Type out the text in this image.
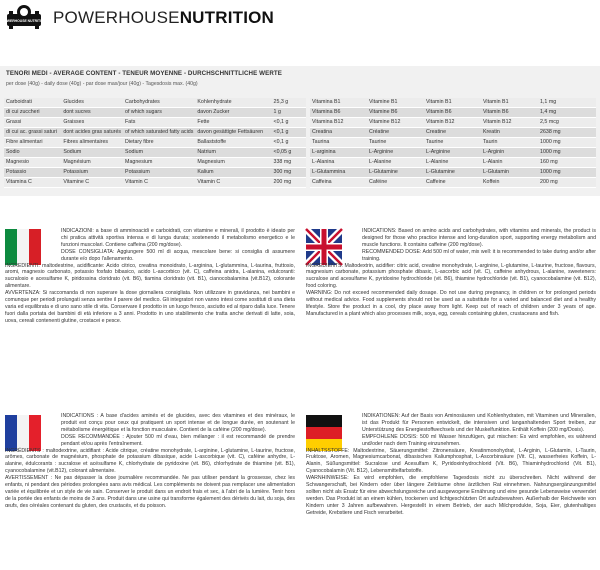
POWERHOUSE NUTRITION POWERHOUSENUTRITION
TENORI MEDI - AVERAGE CONTENT - TENEUR MOYENNE - DURCHSCHNITTLICHE WERTE
per dose (40g) - daily dose (40g) - par dose max/jour (40g) - Tagesdosis max. (40g)
Carboidrati	Glucides	Carbohydrates	Kohlenhydrate	25,3 g
di cui zuccheri	dont sucres	of which sugars	davon Zucker	1 g
Grassi	Graisses	Fats	Fette	<0,1 g
di cui ac. grassi saturi	dont acides gras saturés	of which saturated fatty acids	davon gesättigte Fettsäuren	<0,1 g
Fibre alimentari	Fibres alimentaires	Dietary fibre	Ballaststoffe	<0,1 g
Sodio	Sodium	Sodium	Natrium	<0,05 g
Magnesio	Magnésium	Magnesium	Magnesium	338 mg
Potassio	Potassium	Potassium	Kalium	300 mg
Vitamina C	Vitamine C	Vitamin C	Vitamin C	200 mg
Vitamina B1	Vitamine B1	Vitamin B1	Vitamin B1	1,1 mg
Vitamina B6	Vitamine B6	Vitamin B6	Vitamin B6	1,4 mg
Vitamina B12	Vitamine B12	Vitamin B12	Vitamin B12	2,5 mcg
Creatina	Créatine	Creatine	Kreatin	2638 mg
Taurina	Taurine	Taurine	Taurin	1000 mg
L-arginina	L-Arginine	L-Arginine	L-Arginin	1000 mg
L-Alanina	L-Alanine	L-Alanine	L-Alanin	160 mg
L-Glutammina	L-Glutamine	L-Glutamine	L-Glutamin	1000 mg
Caffeina	Caféine	Caffeine	Koffein	200 mg

INDICAZIONI: a base di amminoacidi e carboidrati, con vitamine e minerali, il prodotto è ideato per chi pratica attività sportiva intensa e di lunga durata; sostenendo il metabolismo energetico e le funzioni muscolari. Contiene caffeina (200 mg/dose).

DOSE CONSIGLIATA: Aggiungere 500 ml di acqua, mescolare bene: si consiglia di assumere durante e/o dopo l'allenamento.

INGREDIENTI: maltodestrine, acidificante: Acido citrico, creatina monoidrato, L-arginina, L-glutammina, L-taurina, fruttosio, aromi, magnesio carbonato, potassio fosfato bibasico, acido L-ascorbico (vit. C), caffeina anidra, L-alanina, edulcoranti: sucralosio e acesulfame K, piridossina cloridrato (vit. B6), tiamina cloridrato (vit. B1), cianocobalamina (vit.B12), colorante alimentare.

AVVERTENZA: Si raccomanda di non superare la dose giornaliera consigliata. Non utilizzare in gravidanza, nei bambini e comunque per periodi prolungati senza sentire il parere del medico. Gli integratori non vanno intesi come sostituti di una dieta varia ed equilibrata e di uno sano stile di vita. Conservare il prodotto in un luogo fresco, asciutto ed al riparo dalla luce. Tenere fuori dalla portata dei bambini di età inferiore a 3 anni. Prodotto in uno stabilimento che tratta anche derivati di latte, soia, uova, cereali contenenti glutine, crostacei e pesce.

INDICATIONS: Based on amino acids and carbohydrates, with vitamins and minerals, the product is designed for those who practice intense and long-duration sport, supporting energy metabolism and muscle functions. It contains caffeine (200 mg/dose).

RECOMMENDED DOSE: Add 500 ml of water, mix well: it is recommended to take during and/or after training.

INGREDIENTS: Maltodextrin, acidifier: citric acid, creatine monohydrate, L-arginine, L-glutamine, L-taurine, fructose, flavours, magnesium carbonate, potassium phosphate dibasic, L-ascorbic acid (vit. C), caffeine anhydrous, L-alanine, sweeteners: sucralose and acesulfame K, pyridoxine hydrochloride (vit. B6), thiamine hydrochloride (vit. B1), cyanocobalamine (vit. B12), food coloring.

WARNING: Do not exceed recommended daily dosage. Do not use during pregnancy, in children or for prolonged periods without medical advice. Food supplements should not be used as a substitute for a varied and balanced diet and a healthy lifestyle. Store the product in a cool, dry place away from light. Keep out of reach of children under 3 years of age. Manufactured in a plant which also processes milk, soya, egg, cereals containing gluten, crustaceans and fish.

INDICATIONS : A base d'acides aminés et de glucides, avec des vitamines et des minéraux, le produit est conçu pour ceux qui pratiquent un sport intense et de longue durée, en soutenant le métabolisme énergétique et la fonction musculaire. Contient de la caféine (200 mg/dose).

DOSE RECOMMANDÉE : Ajouter 500 ml d'eau, bien mélanger : il est recommandé de prendre pendant et/ou après l'entraînement.

INGRÉDIENTS : maltodextrine, acidifiant : Acide citrique, créatine monohydrate, L-arginine, L-glutamine, L-taurine, fructose, arômes, carbonate de magnésium, phosphate de potassium dibasique, acide L-ascorbique (vit. C), caféine anhydre, L-alanine, édulcorants : sucralose et acésulfame K, chlorhydrate de pyridoxine (vit. B6), chlorhydrate de thiamine (vit. B1), cyanocobalamine (vit.B12), colorant alimentaire.

AVERTISSEMENT : Ne pas dépasser la dose journalière recommandée. Ne pas utiliser pendant la grossesse, chez les enfants, ni pendant des périodes prolongées sans avis médical. Les compléments ne doivent pas remplacer une alimentation variée et équilibrée et un style de vie sain. Conserver le produit dans un endroit frais et sec, à l'abri de la lumière. Tenir hors de la portée des enfants de moins de 3 ans. Produit dans une usine qui transforme également des dérivés du lait, du soja, des œufs, des céréales contenant du gluten, des crustacés, et du poisson.

INDIKATIONEN: Auf der Basis von Aminosäuren und Kohlenhydraten, mit Vitaminen und Mineralien, ist das Produkt für Personen entwickelt, die intensiven und langanhaltenden Sport treiben, zur Unterstützung des Energiestoffwechsels und der Muskelfunktion. Enthält Koffein (200 mg/Dosis).

EMPFOHLENE DOSIS: 500 ml Wasser hinzufügen, gut mischen: Es wird empfohlen, es während und/oder nach dem Training einzunehmen.

INHALTSSTOFFE: Maltodextrine, Säuerungsmittel: Zitronensäure, Kreatinmonohydrat, L-Arginin, L-Glutamin, L-Taurin, Fruktose, Aromen, Magnesiumcarbonat, dibasisches Kaliumphosphat, L-Ascorbinsäure (Vit. C), wasserfreies Koffein, L-Alanin, Süßungsmittel: Sucralose und Acesulfam K, Pyridoxinhydrochlorid (Vit. B6), Thiaminhydrochlorid (Vit. B1), Cyanocobalamin (Vit. B12), Lebensmittelfarbstoffe.

WARNHINWEISE: Es wird empfohlen, die empfohlene Tagesdosis nicht zu überschreiten. Nicht während der Schwangerschaft, bei Kindern oder über längere Zeiträume ohne ärztlichen Rat einnehmen. Nahrungsergänzungsmittel sollten nicht als Ersatz für eine abwechslungsreiche und ausgewogene Ernährung und eine gesunde Lebensweise verwendet werden. Das Produkt ist an einem kühlen, trockenen und lichtgeschützten Ort aufzubewahren. Außerhalb der Reichweite von Kindern unter 3 Jahren aufbewahren. Hergestellt in einem Betrieb, der auch Milchprodukte, Soja, Eier, glutenhaltiges Getreide, Krebstiere und Fisch verarbeitet.
